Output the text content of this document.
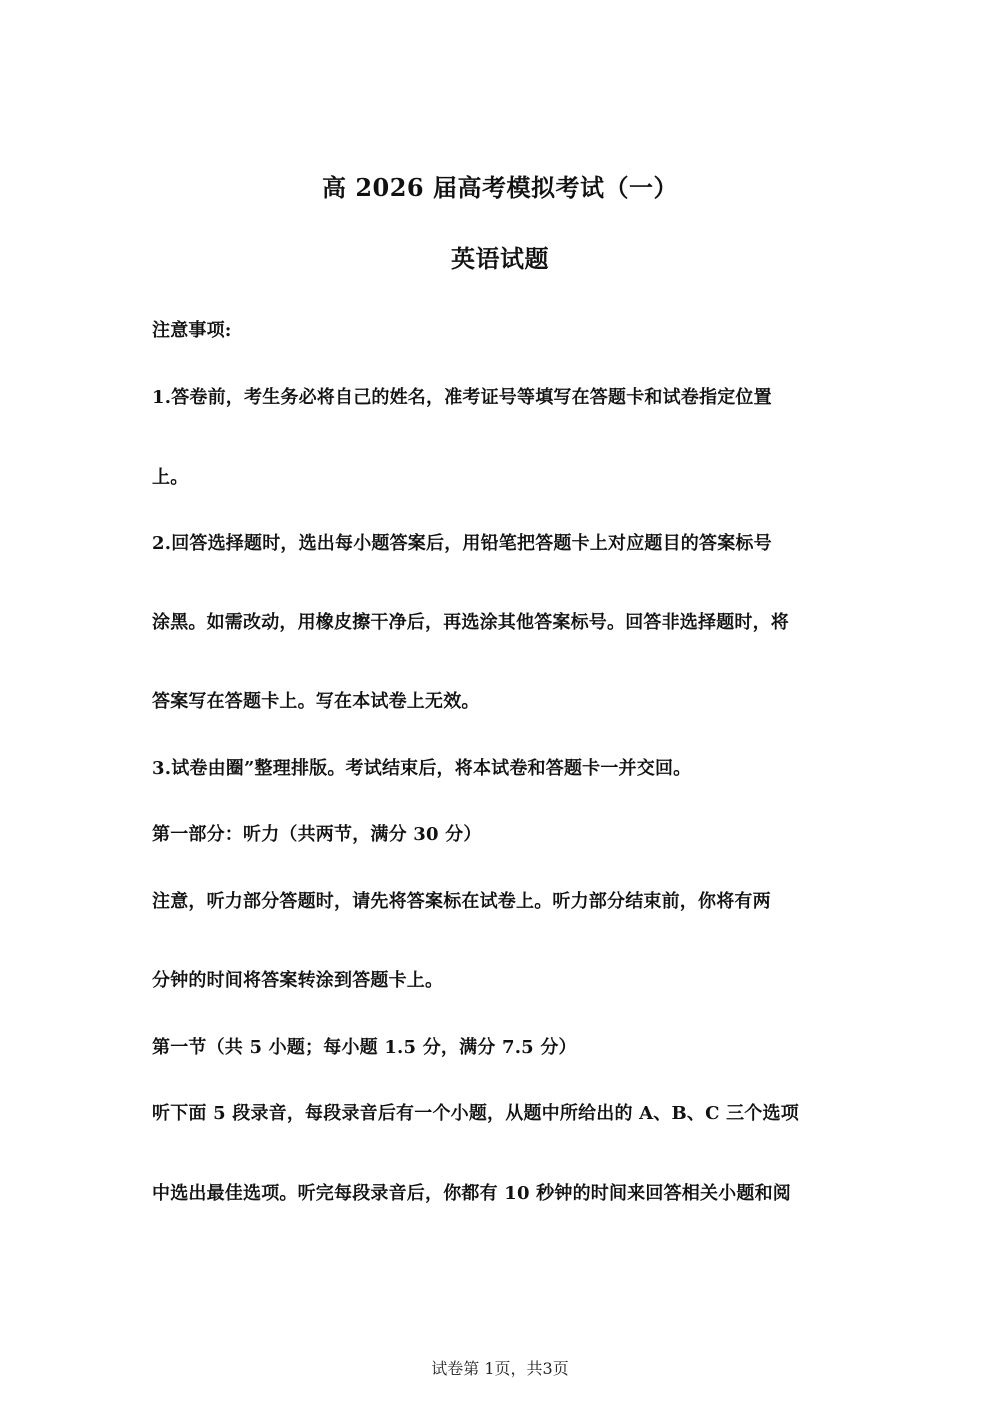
高 2026 届高考模拟考试（一）
英语试题
注意事项:
1.答卷前，考生务必将自己的姓名，准考证号等填写在答题卡和试卷指定位置
上。
2.回答选择题时，选出每小题答案后，用铅笔把答题卡上对应题目的答案标号
涂黑。如需改动，用橡皮擦干净后，再选涂其他答案标号。回答非选择题时，将
答案写在答题卡上。写在本试卷上无效。
3.试卷由圈”整理排版。考试结束后，将本试卷和答题卡一并交回。
第一部分：听力（共两节，满分 30 分）
注意，听力部分答题时，请先将答案标在试卷上。听力部分结束前，你将有两
分钟的时间将答案转涂到答题卡上。
第一节（共 5 小题；每小题 1.5 分，满分 7.5 分）
听下面 5 段录音，每段录音后有一个小题，从题中所给出的 A、B、C 三个选项
中选出最佳选项。听完每段录音后，你都有 10 秒钟的时间来回答相关小题和阅
试卷第 1页，共3页
